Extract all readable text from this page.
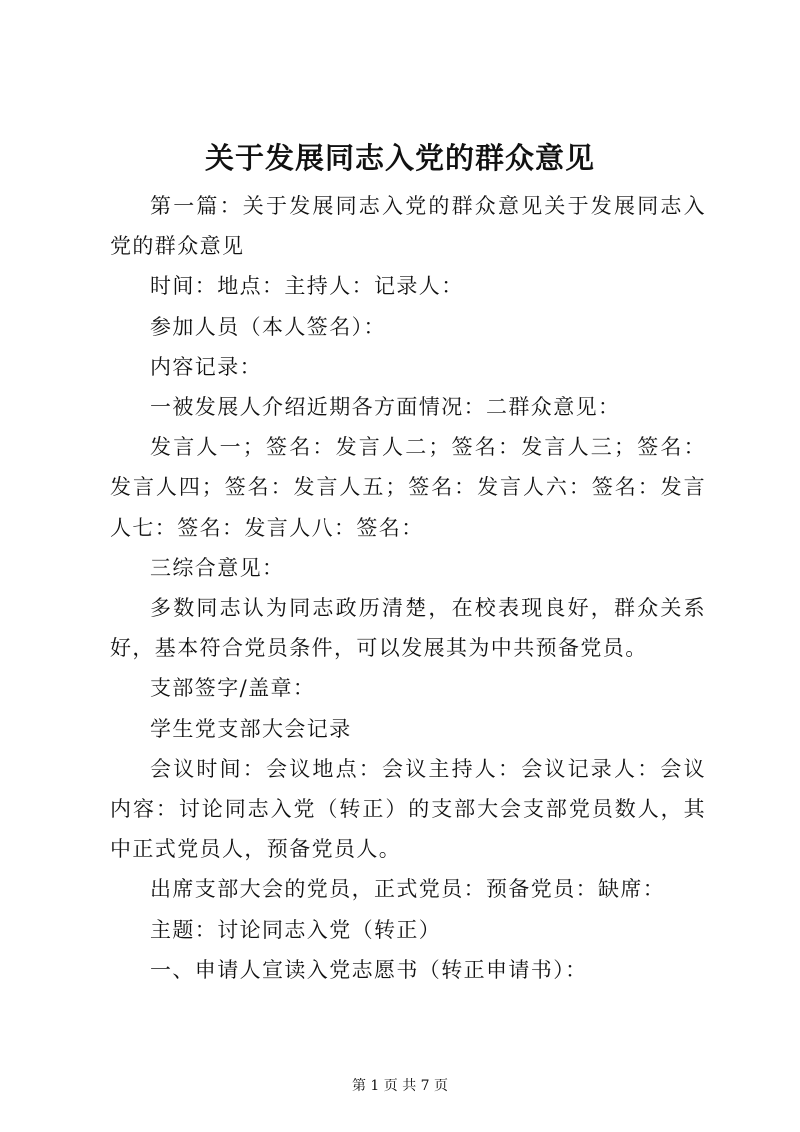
关于发展同志入党的群众意见

第一篇：关于发展同志入党的群众意见关于发展同志入党的群众意见

时间：地点：主持人：记录人：

参加人员（本人签名）：

内容记录：

一被发展人介绍近期各方面情况：二群众意见：

发言人一；签名：发言人二；签名：发言人三；签名：发言人四；签名：发言人五；签名：发言人六：签名：发言人七：签名：发言人八：签名：

三综合意见：

多数同志认为同志政历清楚，在校表现良好，群众关系好，基本符合党员条件，可以发展其为中共预备党员。

支部签字/盖章：

学生党支部大会记录

会议时间：会议地点：会议主持人：会议记录人：会议内容：讨论同志入党（转正）的支部大会支部党员数人，其中正式党员人，预备党员人。

出席支部大会的党员，正式党员：预备党员：缺席：

主题：讨论同志入党（转正）

一、申请人宣读入党志愿书（转正申请书）：

第 1 页 共 7 页
